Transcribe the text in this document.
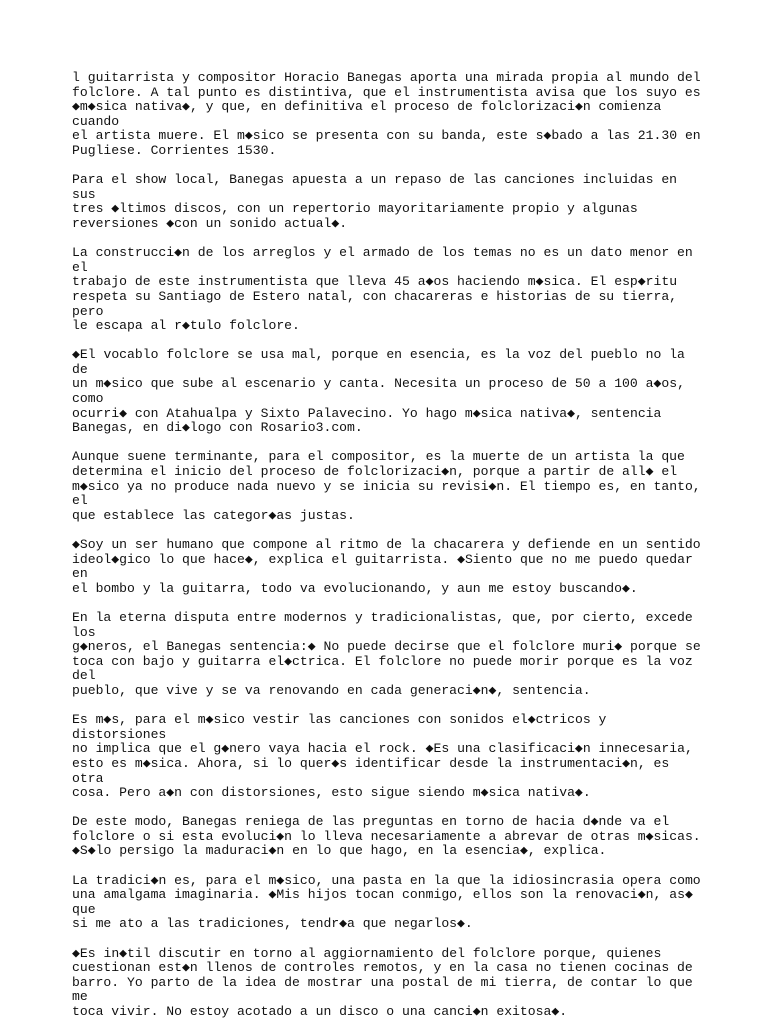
l guitarrista y compositor Horacio Banegas aporta una mirada propia al mundo del
folclore. A tal punto es distintiva, que el instrumentista avisa que los suyo es
◆m◆sica nativa◆, y que, en definitiva el proceso de folclorizaci◆n comienza cuando
el artista muere. El m◆sico se presenta con su banda, este s◆bado a las 21.30 en
Pugliese. Corrientes 1530.

Para el show local, Banegas apuesta a un repaso de las canciones incluidas en sus
tres ◆ltimos discos, con un repertorio mayoritariamente propio y algunas
reversiones ◆con un sonido actual◆.

La construcci◆n de los arreglos y el armado de los temas no es un dato menor en el
trabajo de este instrumentista que lleva 45 a◆os haciendo m◆sica. El esp◆ritu
respeta su Santiago de Estero natal, con chacareras e historias de su tierra, pero
le escapa al r◆tulo folclore.

◆El vocablo folclore se usa mal, porque en esencia, es la voz del pueblo no la de
un m◆sico que sube al escenario y canta. Necesita un proceso de 50 a 100 a◆os, como
ocurri◆ con Atahualpa y Sixto Palavecino. Yo hago m◆sica nativa◆, sentencia
Banegas, en di◆logo con Rosario3.com.

Aunque suene terminante, para el compositor, es la muerte de un artista la que
determina el inicio del proceso de folclorizaci◆n, porque a partir de all◆ el
m◆sico ya no produce nada nuevo y se inicia su revisi◆n. El tiempo es, en tanto, el
que establece las categor◆as justas.

◆Soy un ser humano que compone al ritmo de la chacarera y defiende en un sentido
ideol◆gico lo que hace◆, explica el guitarrista. ◆Siento que no me puedo quedar en
el bombo y la guitarra, todo va evolucionando, y aun me estoy buscando◆.

En la eterna disputa entre modernos y tradicionalistas, que, por cierto, excede los
g◆neros, el Banegas sentencia:◆ No puede decirse que el folclore muri◆ porque se
toca con bajo y guitarra el◆ctrica. El folclore no puede morir porque es la voz del
pueblo, que vive y se va renovando en cada generaci◆n◆, sentencia.

Es m◆s, para el m◆sico vestir las canciones con sonidos el◆ctricos y distorsiones
no implica que el g◆nero vaya hacia el rock. ◆Es una clasificaci◆n innecesaria,
esto es m◆sica. Ahora, si lo quer◆s identificar desde la instrumentaci◆n, es otra
cosa. Pero a◆n con distorsiones, esto sigue siendo m◆sica nativa◆.

De este modo, Banegas reniega de las preguntas en torno de hacia d◆nde va el
folclore o si esta evoluci◆n lo lleva necesariamente a abrevar de otras m◆sicas.
◆S◆lo persigo la maduraci◆n en lo que hago, en la esencia◆, explica.

La tradici◆n es, para el m◆sico, una pasta en la que la idiosincrasia opera como
una amalgama imaginaria. ◆Mis hijos tocan conmigo, ellos son la renovaci◆n, as◆ que
si me ato a las tradiciones, tendr◆a que negarlos◆.

◆Es in◆til discutir en torno al aggiornamiento del folclore porque, quienes
cuestionan est◆n llenos de controles remotos, y en la casa no tienen cocinas de
barro. Yo parto de la idea de mostrar una postal de mi tierra, de contar lo que me
toca vivir. No estoy acotado a un disco o una canci◆n exitosa◆.
